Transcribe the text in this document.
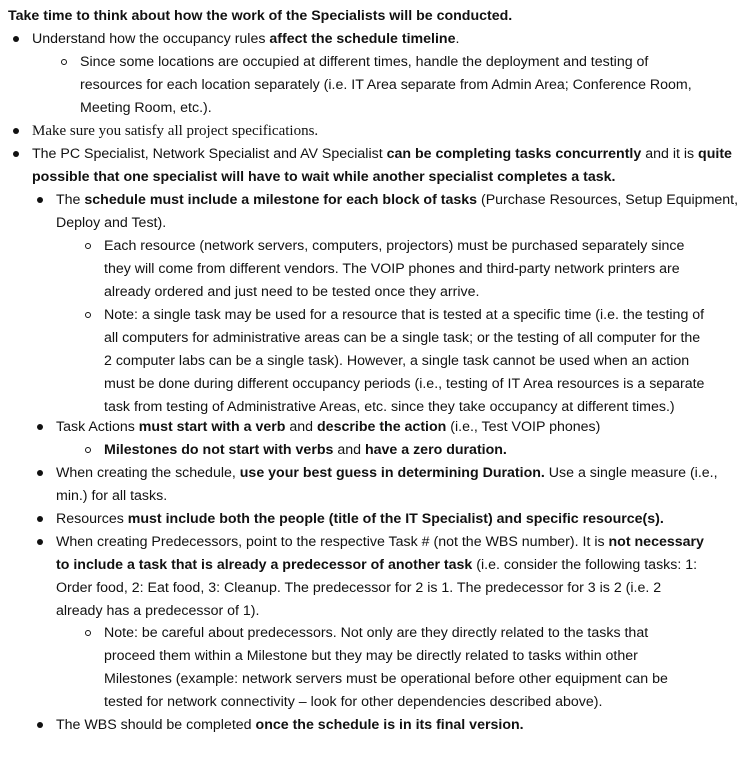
Take time to think about how the work of the Specialists will be conducted.
Understand how the occupancy rules affect the schedule timeline.
Since some locations are occupied at different times, handle the deployment and testing of
resources for each location separately (i.e. IT Area separate from Admin Area; Conference Room,
Meeting Room, etc.).
Make sure you satisfy all project specifications.
The PC Specialist, Network Specialist and AV Specialist can be completing tasks concurrently and it is quite
possible that one specialist will have to wait while another specialist completes a task.
The schedule must include a milestone for each block of tasks (Purchase Resources, Setup Equipment,
Deploy and Test).
Each resource (network servers, computers, projectors) must be purchased separately since
they will come from different vendors. The VOIP phones and third-party network printers are
already ordered and just need to be tested once they arrive.
Note: a single task may be used for a resource that is tested at a specific time (i.e. the testing of
all computers for administrative areas can be a single task; or the testing of all computer for the
2 computer labs can be a single task). However, a single task cannot be used when an action
must be done during different occupancy periods (i.e., testing of IT Area resources is a separate
task from testing of Administrative Areas, etc. since they take occupancy at different times.)
Task Actions must start with a verb and describe the action (i.e., Test VOIP phones)
Milestones do not start with verbs and have a zero duration.
When creating the schedule, use your best guess in determining Duration. Use a single measure (i.e.,
min.) for all tasks.
Resources must include both the people (title of the IT Specialist) and specific resource(s).
When creating Predecessors, point to the respective Task # (not the WBS number). It is not necessary
to include a task that is already a predecessor of another task (i.e. consider the following tasks: 1:
Order food, 2: Eat food, 3: Cleanup. The predecessor for 2 is 1. The predecessor for 3 is 2 (i.e. 2
already has a predecessor of 1).
Note: be careful about predecessors. Not only are they directly related to the tasks that
proceed them within a Milestone but they may be directly related to tasks within other
Milestones (example: network servers must be operational before other equipment can be
tested for network connectivity – look for other dependencies described above).
The WBS should be completed once the schedule is in its final version.
